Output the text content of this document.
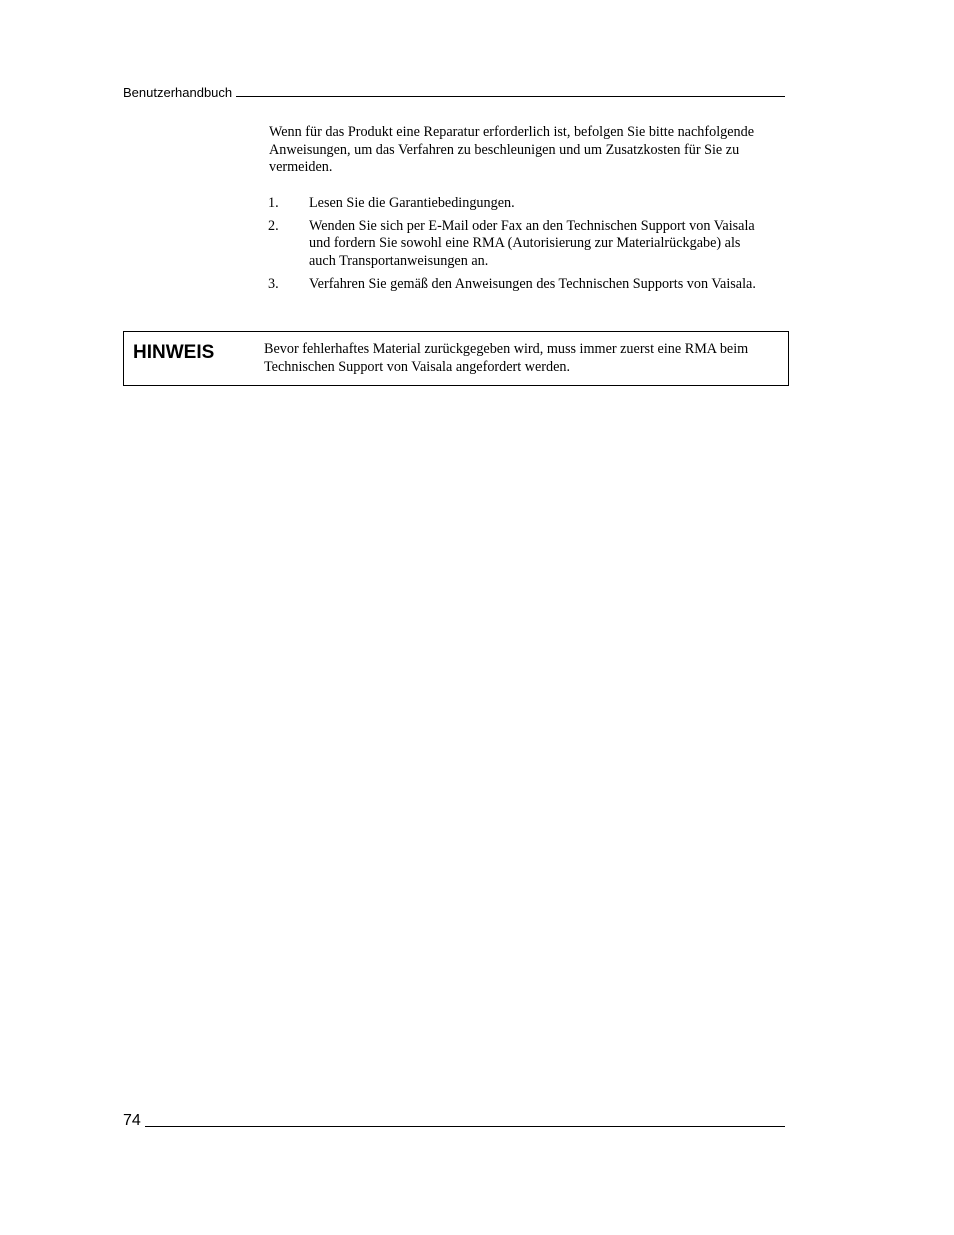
Benutzerhandbuch

Wenn für das Produkt eine Reparatur erforderlich ist, befolgen Sie bitte nachfolgende Anweisungen, um das Verfahren zu beschleunigen und um Zusatzkosten für Sie zu vermeiden.

1.	Lesen Sie die Garantiebedingungen.
2.	Wenden Sie sich per E-Mail oder Fax an den Technischen Support von Vaisala und fordern Sie sowohl eine RMA (Autorisierung zur Materialrückgabe) als auch Transportanweisungen an.
3.	Verfahren Sie gemäß den Anweisungen des Technischen Supports von Vaisala.
HINWEIS	Bevor fehlerhaftes Material zurückgegeben wird, muss immer zuerst eine RMA beim Technischen Support von Vaisala angefordert werden.
74
